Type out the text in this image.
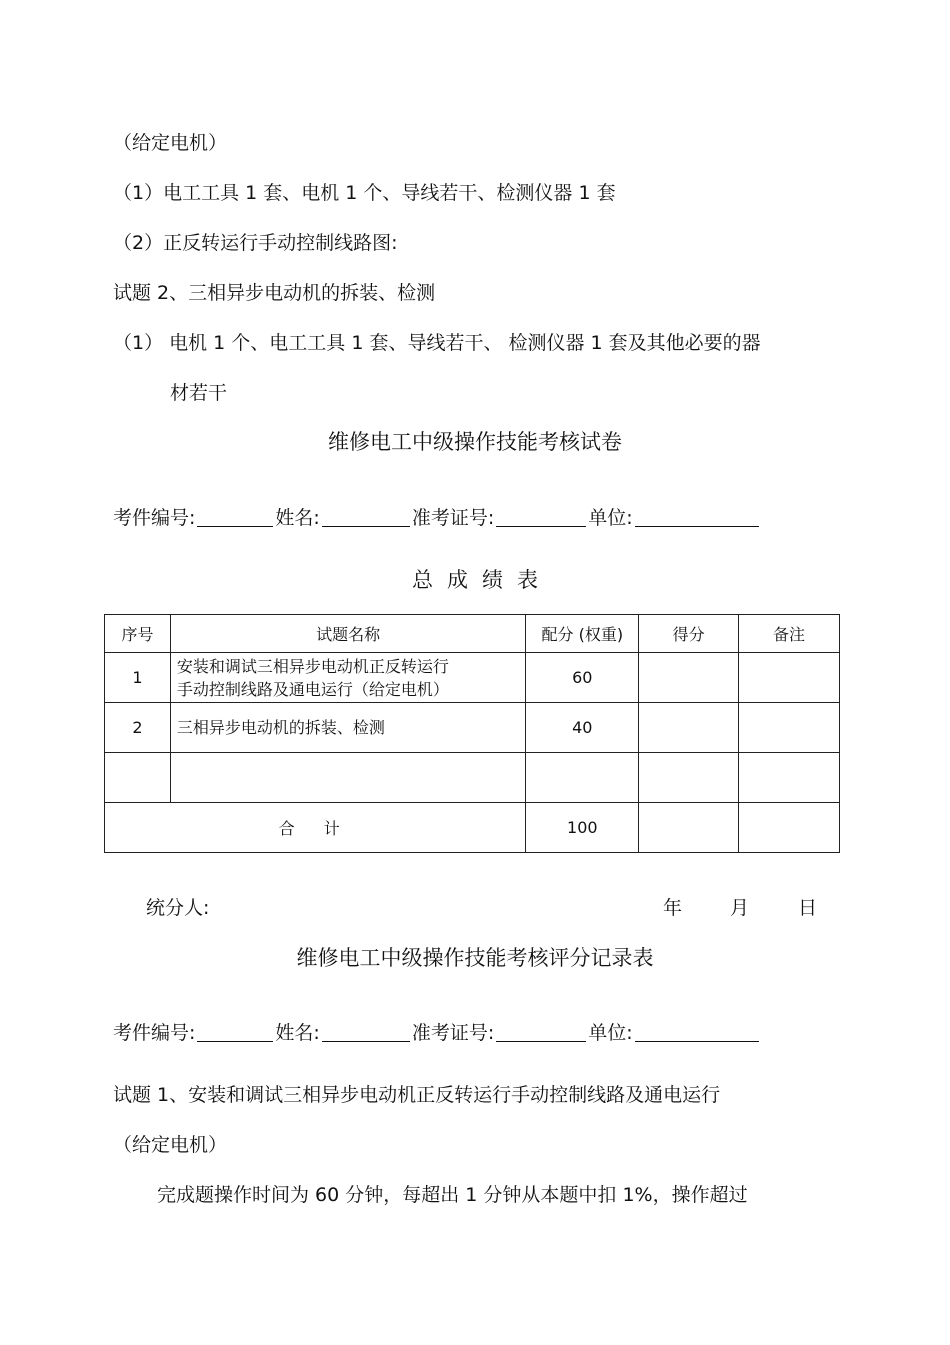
（给定电机）
（1）电工工具 1 套、电机 1 个、导线若干、检测仪器 1 套
（2）正反转运行手动控制线路图:
试题 2、三相异步电动机的拆装、检测
（1） 电机 1 个、电工工具 1 套、导线若干、 检测仪器 1 套及其他必要的器
材若干
维修电工中级操作技能考核试卷
考件编号:	姓名:	准考证号:	单位:
总成绩表
序号	试题名称	配分 (权重)	得分	备注
1	安装和调试三相异步电动机正反转运行
手动控制线路及通电运行（给定电机）	60		
2	三相异步电动机的拆装、检测	40		

合 计		100		
统分人:	年	月	日
维修电工中级操作技能考核评分记录表
考件编号:	姓名:	准考证号:	单位:
试题 1、安装和调试三相异步电动机正反转运行手动控制线路及通电运行
（给定电机）
完成题操作时间为 60 分钟，每超出 1 分钟从本题中扣 1%，操作超过
